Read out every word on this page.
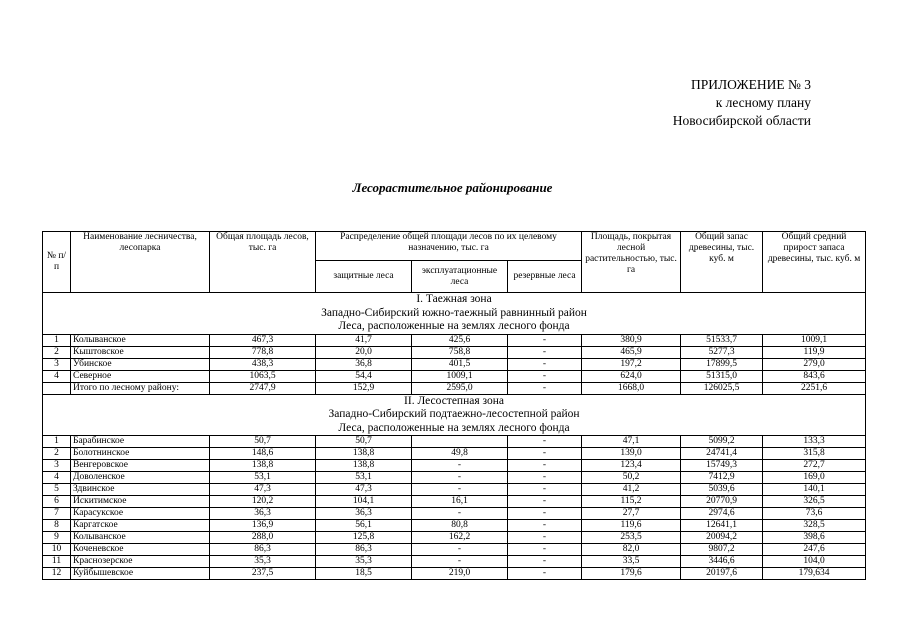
ПРИЛОЖЕНИЕ № 3
к лесному плану
Новосибирской области
Лесорастительное районирование
№ п/п	Наименование лесничества, лесопарка	Общая площадь лесов, тыс. га	Распределение общей площади лесов по их целевому назначению, тыс. га			Площадь, покрытая лесной растительностью, тыс. га	Общий запас древесины, тыс. куб. м	Общий средний прирост запаса древесины, тыс. куб. м
			защитные леса	эксплуатационные леса	резервные леса			
I. Таежная зона								
Западно-Сибирский южно-таежный равнинный район								
Леса, расположенные на землях лесного фонда								
1	Колыванское	467,3	41,7	425,6	-	380,9	51533,7	1009,1
2	Кыштовское	778,8	20,0	758,8	-	465,9	5277,3	119,9
3	Убинское	438,3	36,8	401,5	-	197,2	17899,5	279,0
4	Северное	1063,5	54,4	1009,1	-	624,0	51315,0	843,6
	Итого по лесному району:	2747,9	152,9	2595,0	-	1668,0	126025,5	2251,6
II. Лесостепная зона								
Западно-Сибирский подтаежно-лесостепной район								
Леса, расположенные на землях лесного фонда								
1	Барабинское	50,7	50,7		-	47,1	5099,2	133,3
2	Болотнинское	148,6	138,8	49,8	-	139,0	24741,4	315,8
3	Венгеровское	138,8	138,8	-	-	123,4	15749,3	272,7
4	Доволенское	53,1	53,1	-	-	50,2	7412,9	169,0
5	Здвинское	47,3	47,3	-	-	41,2	5039,6	140,1
6	Искитимское	120,2	104,1	16,1	-	115,2	20770,9	326,5
7	Карасукское	36,3	36,3	-	-	27,7	2974,6	73,6
8	Каргатское	136,9	56,1	80,8	-	119,6	12641,1	328,5
9	Колыванское	288,0	125,8	162,2	-	253,5	20094,2	398,6
10	Коченевское	86,3	86,3	-	-	82,0	9807,2	247,6
11	Краснозерское	35,3	35,3	-	-	33,5	3446,6	104,0
12	Куйбышевское	237,5	18,5	219,0	-	179,6	20197,6	179,634
